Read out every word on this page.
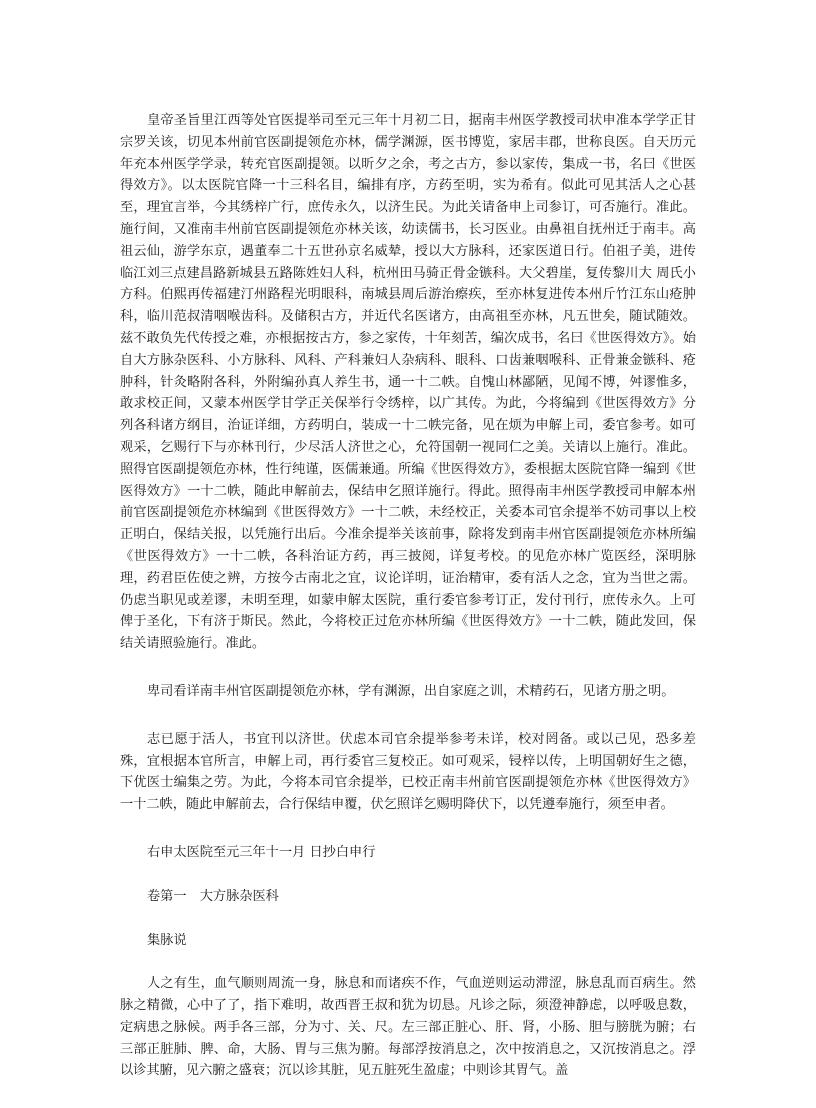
皇帝圣旨里江西等处官医提举司至元三年十月初二日，据南丰州医学教授司状申准本学学正甘宗罗关该，切见本州前官医副提领危亦林，儒学渊源，医书博览，家居丰郡，世称良医。自天历元年充本州医学学录，转充官医副提领。以昕夕之余，考之古方，参以家传，集成一书，名曰《世医得效方》。以太医院官降一十三科名目，编排有序，方药至明，实为希有。似此可见其活人之心甚至，理宜言举，今其绣梓广行，庶传永久，以济生民。为此关请备申上司参订，可否施行。准此。施行间，又准南丰州前官医副提领危亦林关该，幼读儒书，长习医业。由鼻祖自抚州迁于南丰。高祖云仙，游学东京，遇董奉二十五世孙京名威辇，授以大方脉科，还家医道日行。伯祖子美，进传临江刘三点建昌路新城县五路陈姓妇人科，杭州田马骑正骨金镞科。大父碧崖，复传黎川大 周氏小方科。伯熙再传福建汀州路程光明眼科，南城县周后游治瘵疾，至亦林复进传本州斤竹江东山疮肿科，临川范叔清咽喉齿科。及储积古方，并近代名医诸方，由高祖至亦林，凡五世矣，随试随效。兹不敢负先代传授之难，亦根据按古方，参之家传，十年刻苦，编次成书，名曰《世医得效方》。始自大方脉杂医科、小方脉科、风科、产科兼妇人杂病科、眼科、口齿兼咽喉科、正骨兼金镞科、疮肿科，针灸略附各科，外附编孙真人养生书，通一十二帙。自愧山林鄙陋，见闻不博，舛谬惟多，敢求校正间，又蒙本州医学甘学正关保举行令绣梓，以广其传。为此，今将编到《世医得效方》分列各科诸方纲目，治证详细，方药明白，装成一十二帙完备，见在烦为申解上司，委官参考。如可观采，乞赐行下与亦林刊行，少尽活人济世之心，允符国朝一视同仁之美。关请以上施行。准此。照得官医副提领危亦林，性行纯谨，医儒兼通。所编《世医得效方》，委根据太医院官降一编到《世医得效方》一十二帙，随此申解前去，保结申乞照详施行。得此。照得南丰州医学教授司申解本州前官医副提领危亦林编到《世医得效方》一十二帙，未经校正，关委本司官余提举不妨司事以上校正明白，保结关报，以凭施行出后。今准余提举关该前事，除将发到南丰州官医副提领危亦林所编《世医得效方》一十二帙，各科治证方药，再三披阅，详复考校。的见危亦林广览医经，深明脉理，药君臣佐使之辨，方按今古南北之宜，议论详明，证治精审，委有活人之念，宜为当世之需。仍虑当职见或差谬，未明至理，如蒙申解太医院，重行委官参考订正，发付刊行，庶传永久。上可俾于圣化，下有济于斯民。然此，今将校正过危亦林所编《世医得效方》一十二帙，随此发回，保结关请照验施行。准此。

卑司看详南丰州官医副提领危亦林，学有渊源，出自家庭之训，术精药石，见诸方册之明。

志已愿于活人，书宜刊以济世。伏虑本司官余提举参考未详，校对罔备。或以己见，恐多差殊，宜根据本官所言，申解上司，再行委官三复校正。如可观采，锓梓以传，上明国朝好生之德，下优医士编集之劳。为此，今将本司官余提举，已校正南丰州前官医副提领危亦林《世医得效方》一十二帙，随此申解前去，合行保结申覆，伏乞照详乞赐明降伏下，以凭遵奉施行，须至申者。

右申太医院至元三年十一月 日抄白申行

卷第一　大方脉杂医科

集脉说

人之有生，血气顺则周流一身，脉息和而诸疾不作，气血逆则运动滞涩，脉息乱而百病生。然脉之精微，心中了了，指下难明，故西晋王叔和犹为切恳。凡诊之际，须澄神静虑，以呼吸息数，定病患之脉候。两手各三部，分为寸、关、尺。左三部正脏心、肝、肾，小肠、胆与膀胱为腑；右三部正脏肺、脾、命，大肠、胃与三焦为腑。每部浮按消息之，次中按消息之，又沉按消息之。浮以诊其腑，见六腑之盛衰；沉以诊其脏，见五脏死生盈虚；中则诊其胃气。盖
